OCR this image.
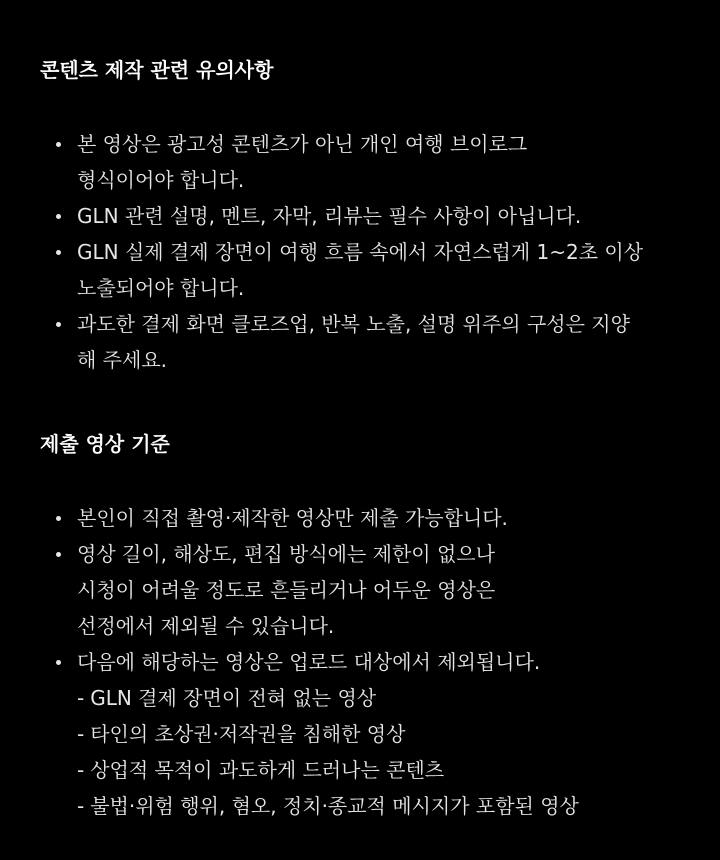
콘텐츠 제작 관련 유의사항
본 영상은 광고성 콘텐츠가 아닌 개인 여행 브이로그
형식이어야 합니다.
GLN 관련 설명, 멘트, 자막, 리뷰는 필수 사항이 아닙니다.
GLN 실제 결제 장면이 여행 흐름 속에서 자연스럽게 1~2초 이상
노출되어야 합니다.
과도한 결제 화면 클로즈업, 반복 노출, 설명 위주의 구성은 지양
해 주세요.
제출 영상 기준
본인이 직접 촬영·제작한 영상만 제출 가능합니다.
영상 길이, 해상도, 편집 방식에는 제한이 없으나
시청이 어려울 정도로 흔들리거나 어두운 영상은
선정에서 제외될 수 있습니다.
다음에 해당하는 영상은 업로드 대상에서 제외됩니다.
- GLN 결제 장면이 전혀 없는 영상
- 타인의 초상권·저작권을 침해한 영상
- 상업적 목적이 과도하게 드러나는 콘텐츠
- 불법·위험 행위, 혐오, 정치·종교적 메시지가 포함된 영상
